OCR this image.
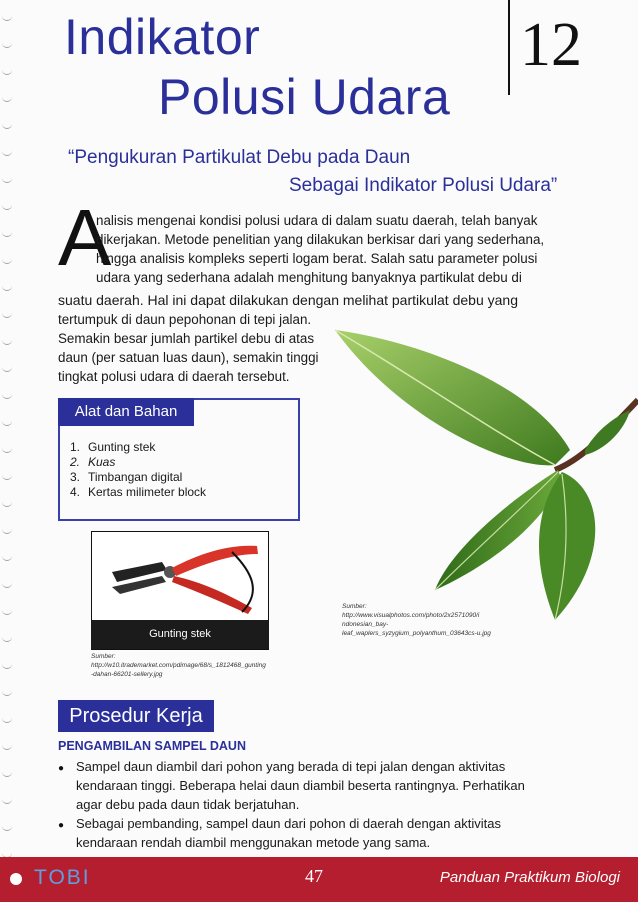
Indikator
Polusi Udara
12
“Pengukuran Partikulat Debu pada Daun
Sebagai Indikator Polusi Udara”
A
nalisis mengenai kondisi polusi udara di dalam suatu daerah, telah banyak
dikerjakan. Metode penelitian yang dilakukan berkisar dari yang sederhana,
hingga analisis kompleks seperti logam berat. Salah satu parameter polusi
udara yang sederhana adalah menghitung banyaknya partikulat debu di
suatu daerah. Hal ini dapat dilakukan dengan melihat partikulat debu yang
tertumpuk di daun pepohonan di tepi jalan.
Semakin besar jumlah partikel debu di atas
daun (per satuan luas daun), semakin tinggi
tingkat polusi udara di daerah tersebut.
Alat dan Bahan
1. Gunting stek
2. Kuas
3. Timbangan digital
4. Kertas milimeter block
Gunting stek
Sumber:
http://w10.itrademarket.com/pdimage/68/s_1812468_gunting
-dahan-66201-sellery.jpg
Sumber:
http://www.visualphotos.com/photo/2x2571090/i
ndonesian_bay-
leaf_waplers_syzygium_polyanthum_03643cs-u.jpg
Prosedur Kerja
PENGAMBILAN SAMPEL DAUN
● Sampel daun diambil dari pohon yang berada di tepi jalan dengan aktivitas
kendaraan tinggi. Beberapa helai daun diambil beserta rantingnya. Perhatikan
agar debu pada daun tidak berjatuhan.
● Sebagai pembanding, sampel daun dari pohon di daerah dengan aktivitas
kendaraan rendah diambil menggunakan metode yang sama.
TOBI	47	Panduan Praktikum Biologi
